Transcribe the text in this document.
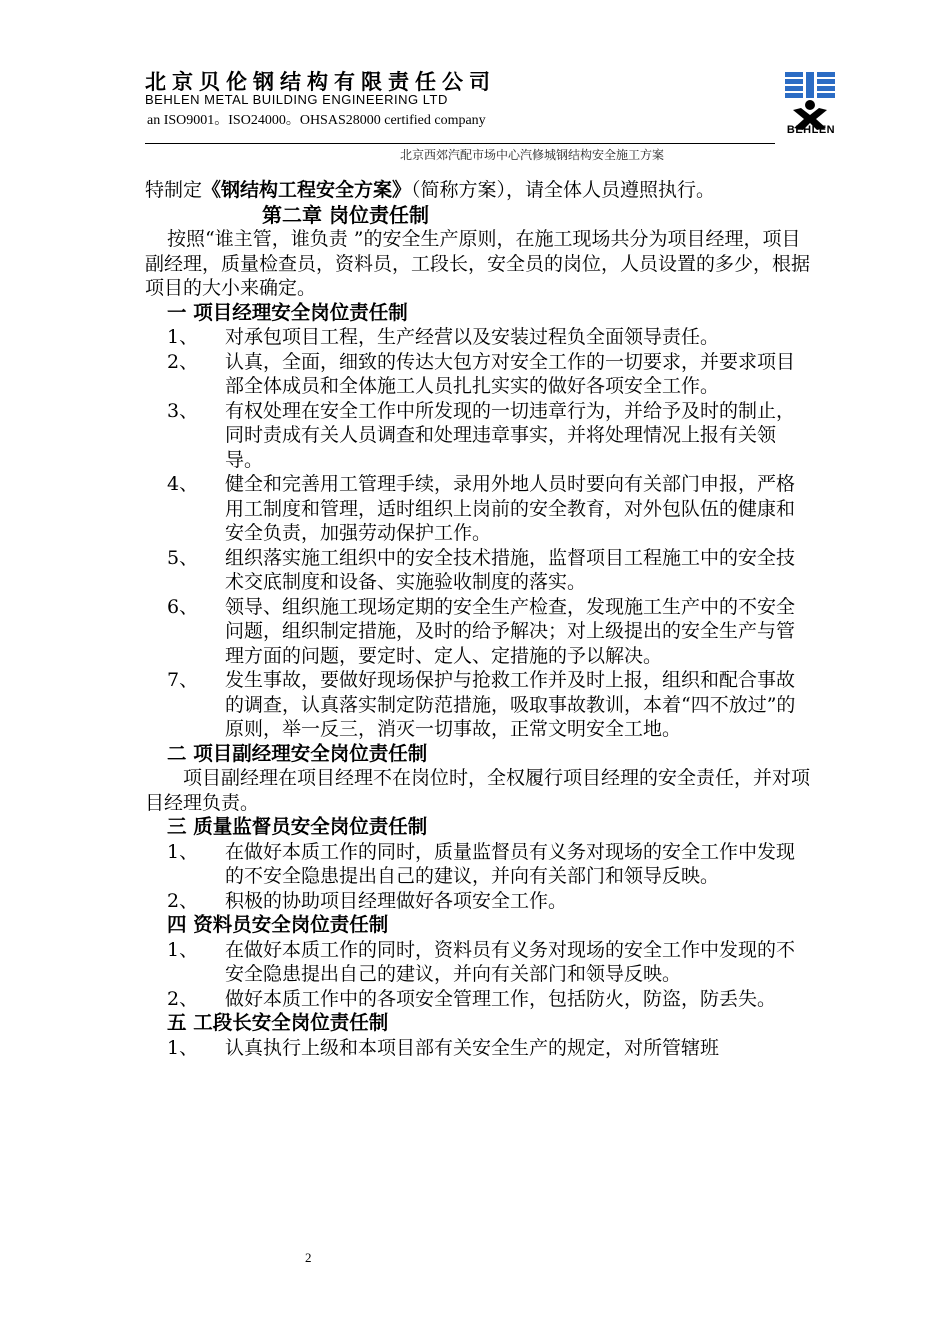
北京贝伦钢结构有限责任公司
BEHLEN METAL BUILDING ENGINEERING LTD
an ISO9001。ISO24000。OHSAS28000 certified company
北京西郊汽配市场中心汽修城钢结构安全施工方案
BEHLEN

特制定《钢结构工程安全方案》（简称方案），请全体人员遵照执行。

第二章 岗位责任制

按照“谁主管，谁负责 ”的安全生产原则，在施工现场共分为项目经理，项目副经理，质量检查员，资料员，工段长，安全员的岗位，人员设置的多少，根据项目的大小来确定。

一 项目经理安全岗位责任制

1、 对承包项目工程，生产经营以及安装过程负全面领导责任。

2、 认真，全面，细致的传达大包方对安全工作的一切要求，并要求项目部全体成员和全体施工人员扎扎实实的做好各项安全工作。

3、 有权处理在安全工作中所发现的一切违章行为，并给予及时的制止，同时责成有关人员调查和处理违章事实，并将处理情况上报有关领导。

4、 健全和完善用工管理手续，录用外地人员时要向有关部门申报，严格用工制度和管理，适时组织上岗前的安全教育，对外包队伍的健康和安全负责，加强劳动保护工作。

5、 组织落实施工组织中的安全技术措施，监督项目工程施工中的安全技术交底制度和设备、实施验收制度的落实。

6、 领导、组织施工现场定期的安全生产检查，发现施工生产中的不安全问题，组织制定措施，及时的给予解决；对上级提出的安全生产与管理方面的问题，要定时、定人、定措施的予以解决。

7、 发生事故，要做好现场保护与抢救工作并及时上报，组织和配合事故的调查，认真落实制定防范措施，吸取事故教训，本着“四不放过”的原则，举一反三，消灭一切事故，正常文明安全工地。

二 项目副经理安全岗位责任制

项目副经理在项目经理不在岗位时，全权履行项目经理的安全责任，并对项目经理负责。

三 质量监督员安全岗位责任制

1、 在做好本质工作的同时，质量监督员有义务对现场的安全工作中发现的不安全隐患提出自己的建议，并向有关部门和领导反映。

2、 积极的协助项目经理做好各项安全工作。

四 资料员安全岗位责任制

1、 在做好本质工作的同时，资料员有义务对现场的安全工作中发现的不安全隐患提出自己的建议，并向有关部门和领导反映。

2、 做好本质工作中的各项安全管理工作，包括防火，防盗，防丢失。

五 工段长安全岗位责任制

1、 认真执行上级和本项目部有关安全生产的规定，对所管辖班

2
